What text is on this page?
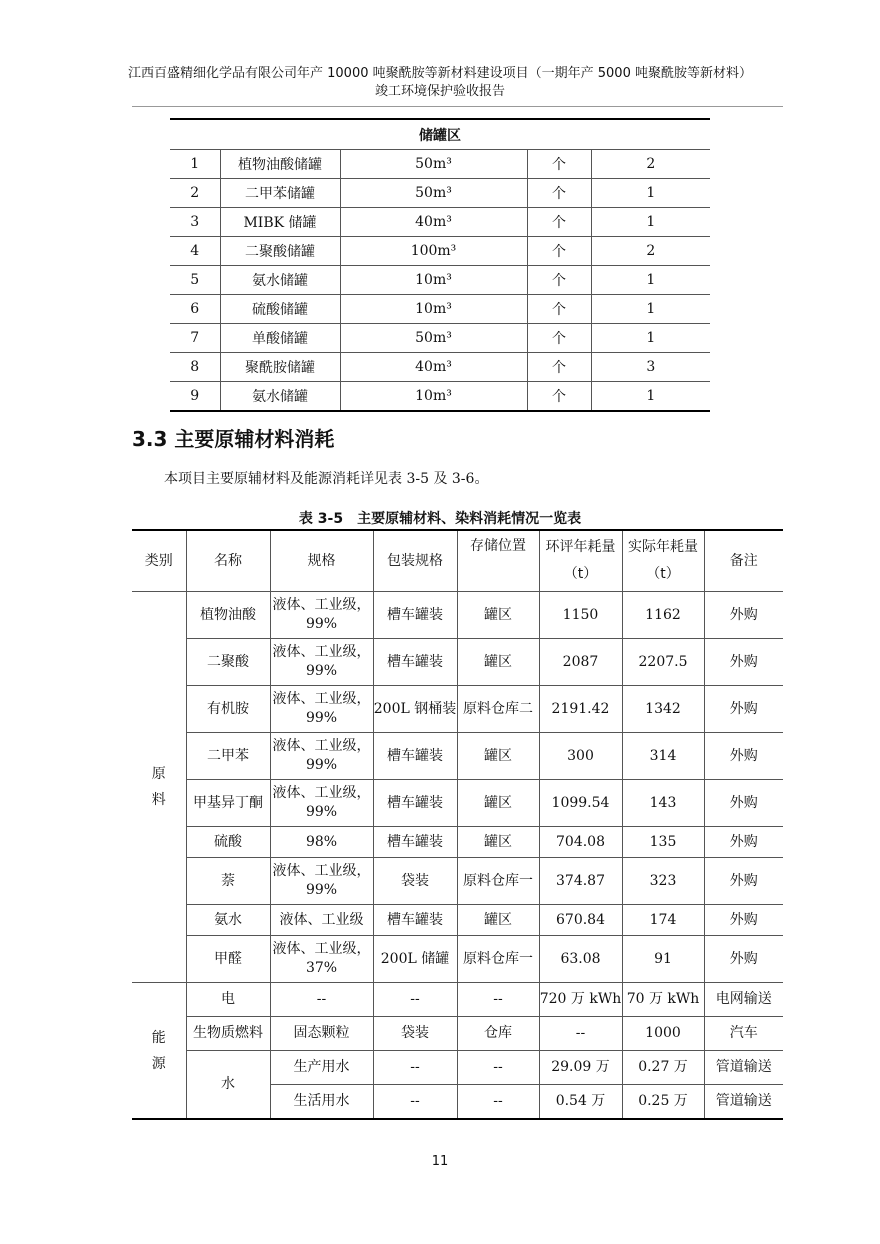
江西百盛精细化学品有限公司年产 10000 吨聚酰胺等新材料建设项目（一期年产 5000 吨聚酰胺等新材料）
竣工环境保护验收报告
储罐区				
1	植物油酸储罐	50m³	个	2
2	二甲苯储罐	50m³	个	1
3	MIBK 储罐	40m³	个	1
4	二聚酸储罐	100m³	个	2
5	氨水储罐	10m³	个	1
6	硫酸储罐	10m³	个	1
7	单酸储罐	50m³	个	1
8	聚酰胺储罐	40m³	个	3
9	氨水储罐	10m³	个	1
3.3 主要原辅材料消耗
本项目主要原辅材料及能源消耗详见表 3-5 及 3-6。
表 3-5　主要原辅材料、染料消耗情况一览表
类别	名称	规格	包装规格	存储位置	环评年耗量（t）	实际年耗量（t）	备注
原
料	植物油酸	液体、工业级，99%	槽车罐装	罐区	1150	1162	外购
	二聚酸	液体、工业级，99%	槽车罐装	罐区	2087	2207.5	外购
	有机胺	液体、工业级，99%	200L 钢桶装	原料仓库二	2191.42	1342	外购
	二甲苯	液体、工业级，99%	槽车罐装	罐区	300	314	外购
	甲基异丁酮	液体、工业级，99%	槽车罐装	罐区	1099.54	143	外购
	硫酸	98%	槽车罐装	罐区	704.08	135	外购
	萘	液体、工业级，99%	袋装	原料仓库一	374.87	323	外购
	氨水	液体、工业级	槽车罐装	罐区	670.84	174	外购
	甲醛	液体、工业级，37%	200L 储罐	原料仓库一	63.08	91	外购
能
源	电	--	--	--	720 万 kWh	70 万 kWh	电网输送
	生物质燃料	固态颗粒	袋装	仓库	--	1000	汽车
	水	生产用水	--	--	29.09 万	0.27 万	管道输送
		生活用水	--	--	0.54 万	0.25 万	管道输送
11
